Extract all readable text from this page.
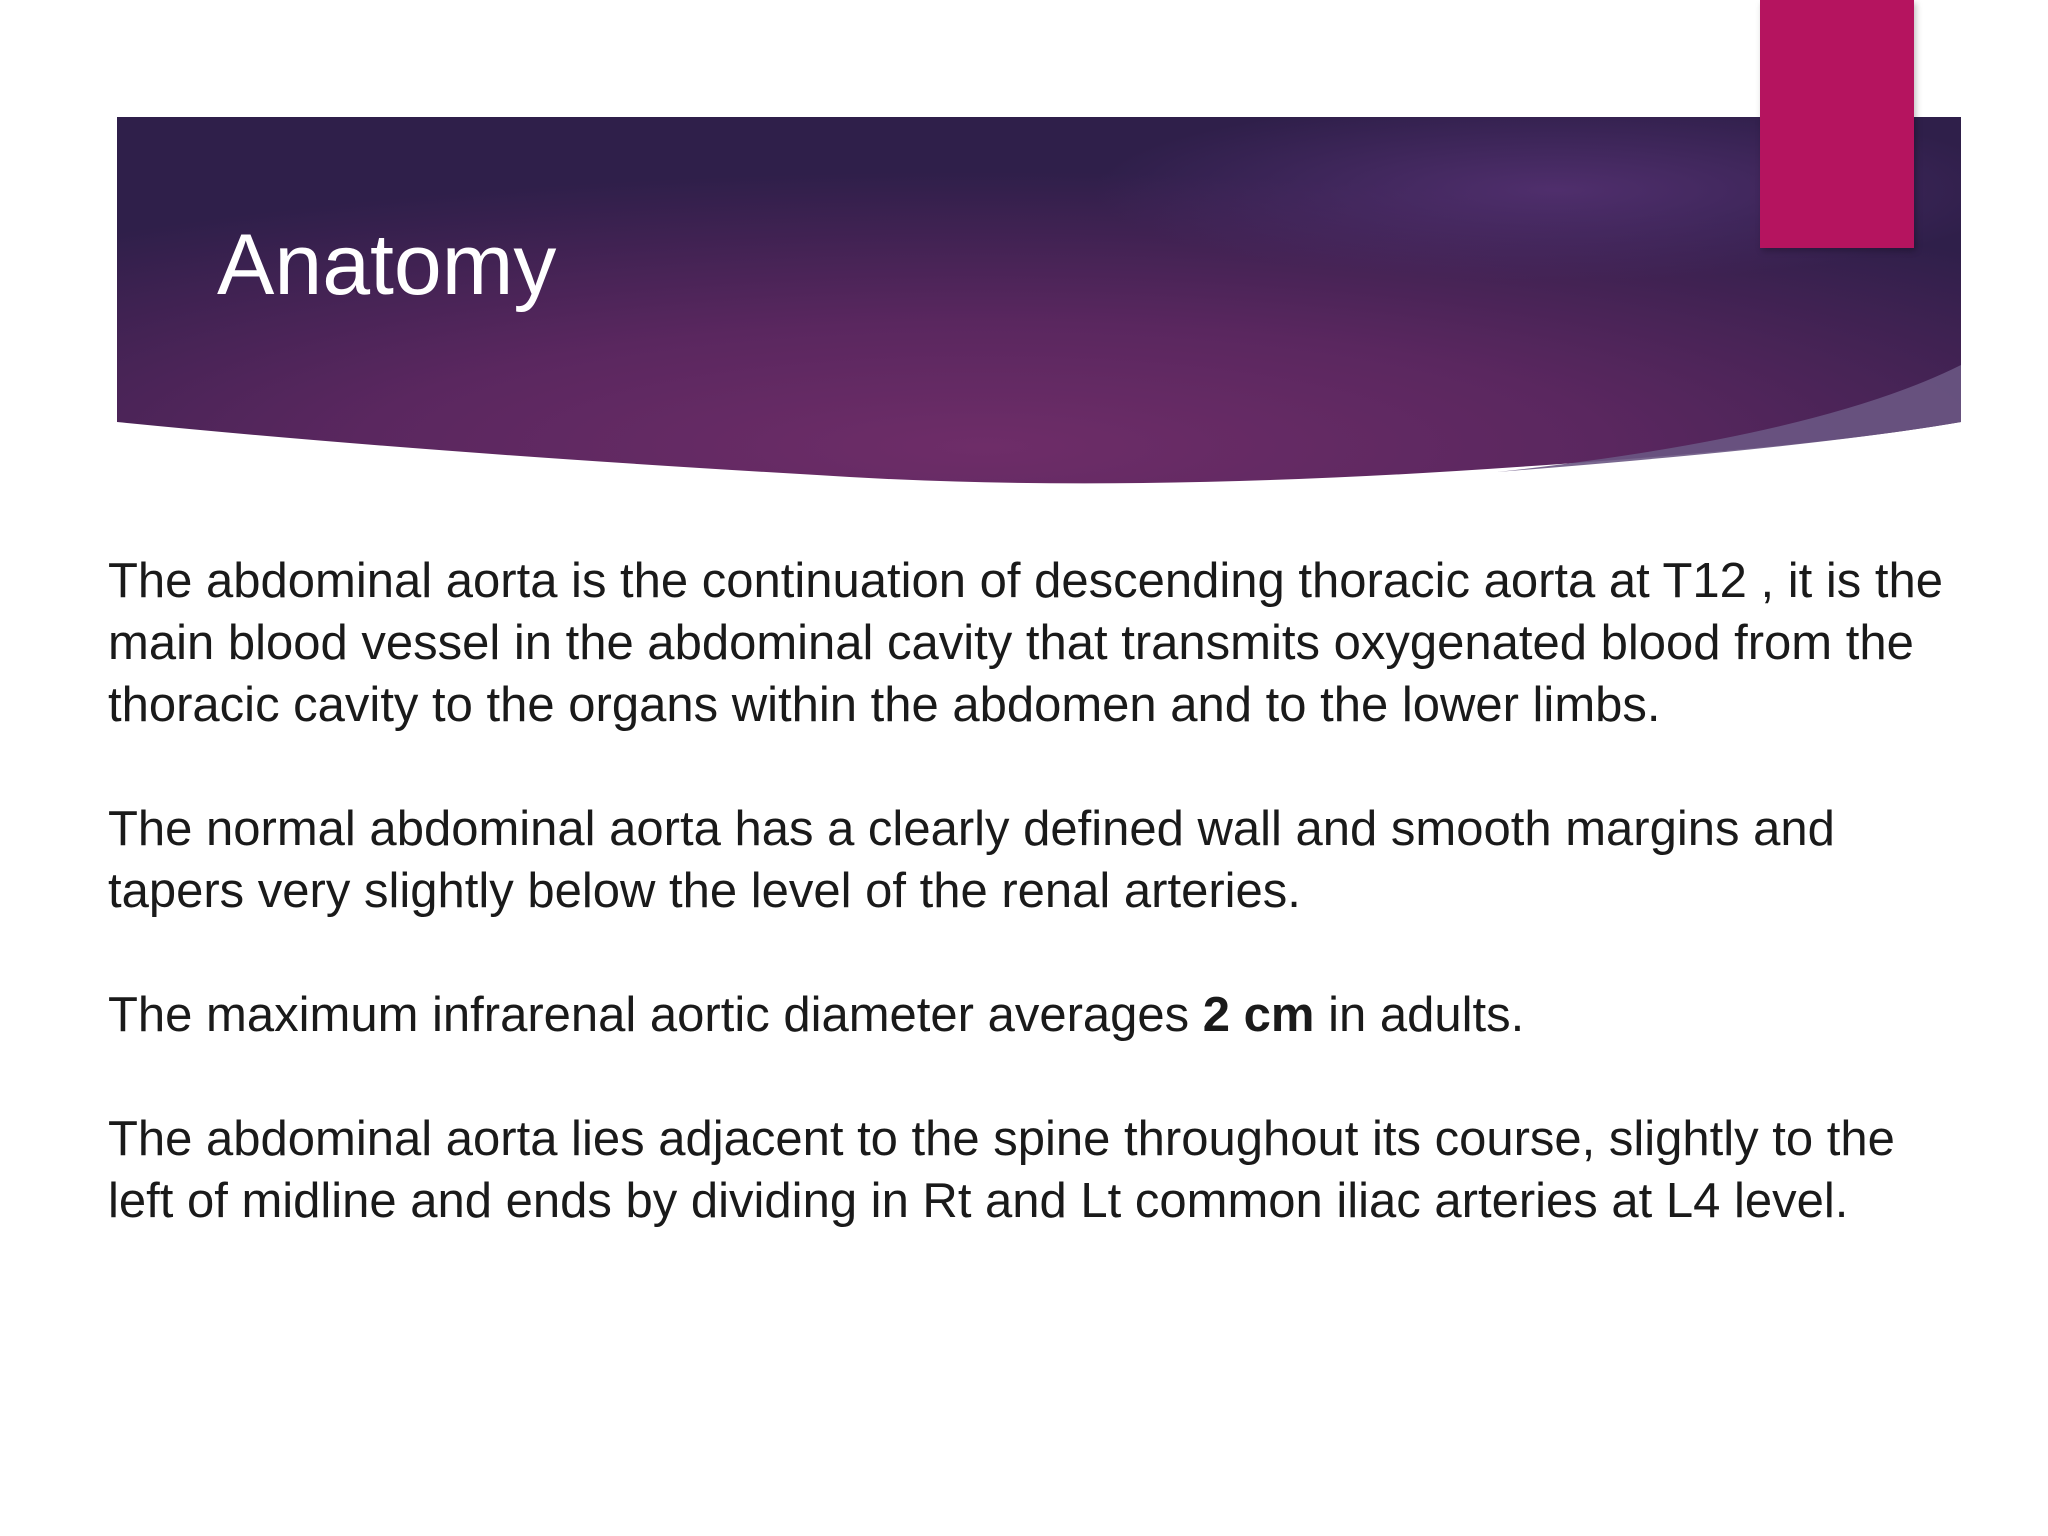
Anatomy

The abdominal aorta is the continuation of descending thoracic aorta at T12 , it is the main blood vessel in the abdominal cavity that transmits oxygenated blood from the thoracic cavity to the organs within the abdomen and to the lower limbs.

The normal abdominal aorta has a clearly defined wall and smooth margins and tapers very slightly below the level of the renal arteries.

The maximum infrarenal aortic diameter averages 2 cm in adults.

The abdominal aorta lies adjacent to the spine throughout its course, slightly to the left of midline and ends by dividing in Rt and Lt common iliac arteries at L4 level.
